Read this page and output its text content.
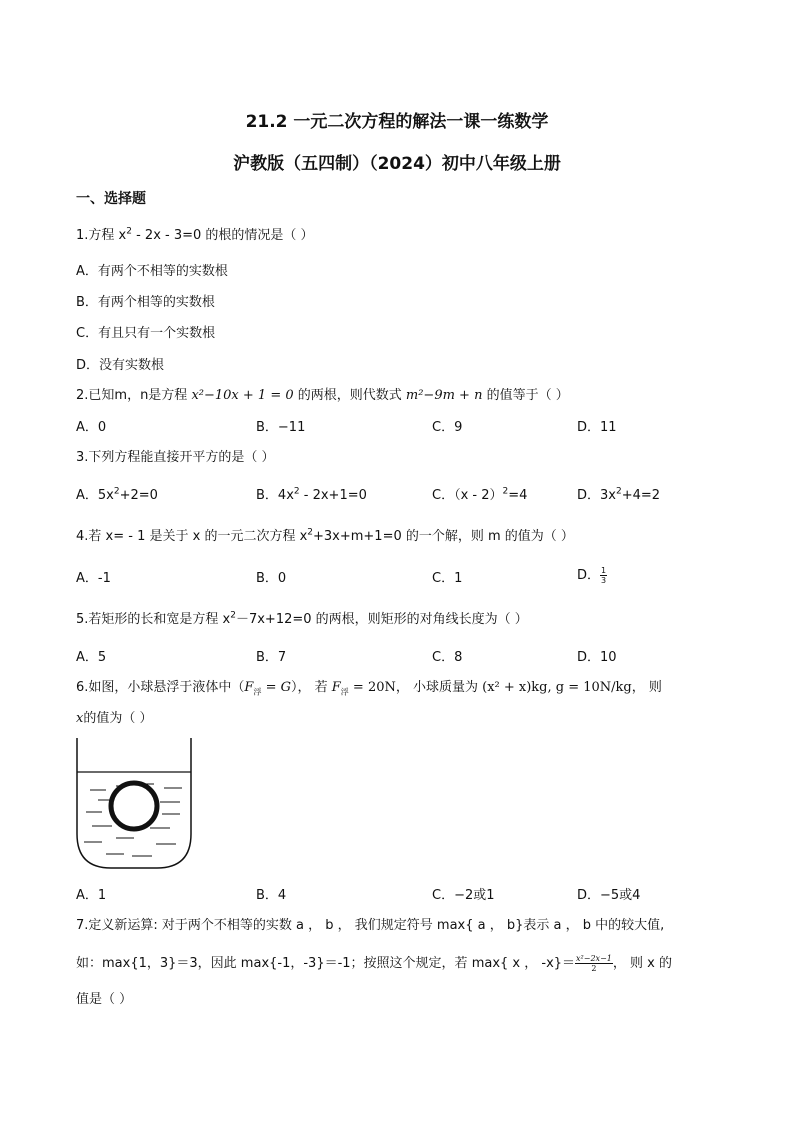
21.2 一元二次方程的解法一课一练数学
沪教版（五四制）（2024）初中八年级上册
一、选择题
1.方程 $x^2 - 2x - 3=0$ 的根的情况是（ ）
A．有两个不相等的实数根
B．有两个相等的实数根
C．有且只有一个实数根
D．没有实数根
2.已知m，n是方程 x²−10x + 1 = 0 的两根，则代数式 m²−9m + n 的值等于（ ）
A．0	B．−11	C．9	D．11
3.下列方程能直接开平方的是（ ）
A．$5x^2+2=0$	B．$4x^2 - 2x+1=0$	C．（x - 2）$^2$=4	D．$3x^2+4=2$
4.若 x= - 1 是关于 x 的一元二次方程 $x^2+3x+m+1=0$ 的一个解，则 m 的值为（ ）
A．-1	B．0	C．1	D． $\frac{1}{3}$
5.若矩形的长和宽是方程 $x^2-7x+12=0$ 的两根，则矩形的对角线长度为（ ）
A．5	B．7	C．8	D．10
6.如图，小球悬浮于液体中$(F_浮 = G)$， 若 $F_浮 = 20N$， 小球质量为 (x² + x)kg, g = 10N/kg， 则
x的值为（ ）
A．1	B．4	C．−2或1	D．−5或4
7.定义新运算: 对于两个不相等的实数 a ， b ， 我们规定符号 max{ a ， b}表示 a ， b 中的较大值,
如：max{1，3}＝3，因此 max{-1，-3}＝-1；按照这个规定，若 max{ x ， $-x\}= \frac{\text{x²−2x−1}}{2}$ ， 则 x 的
值是（ ）
